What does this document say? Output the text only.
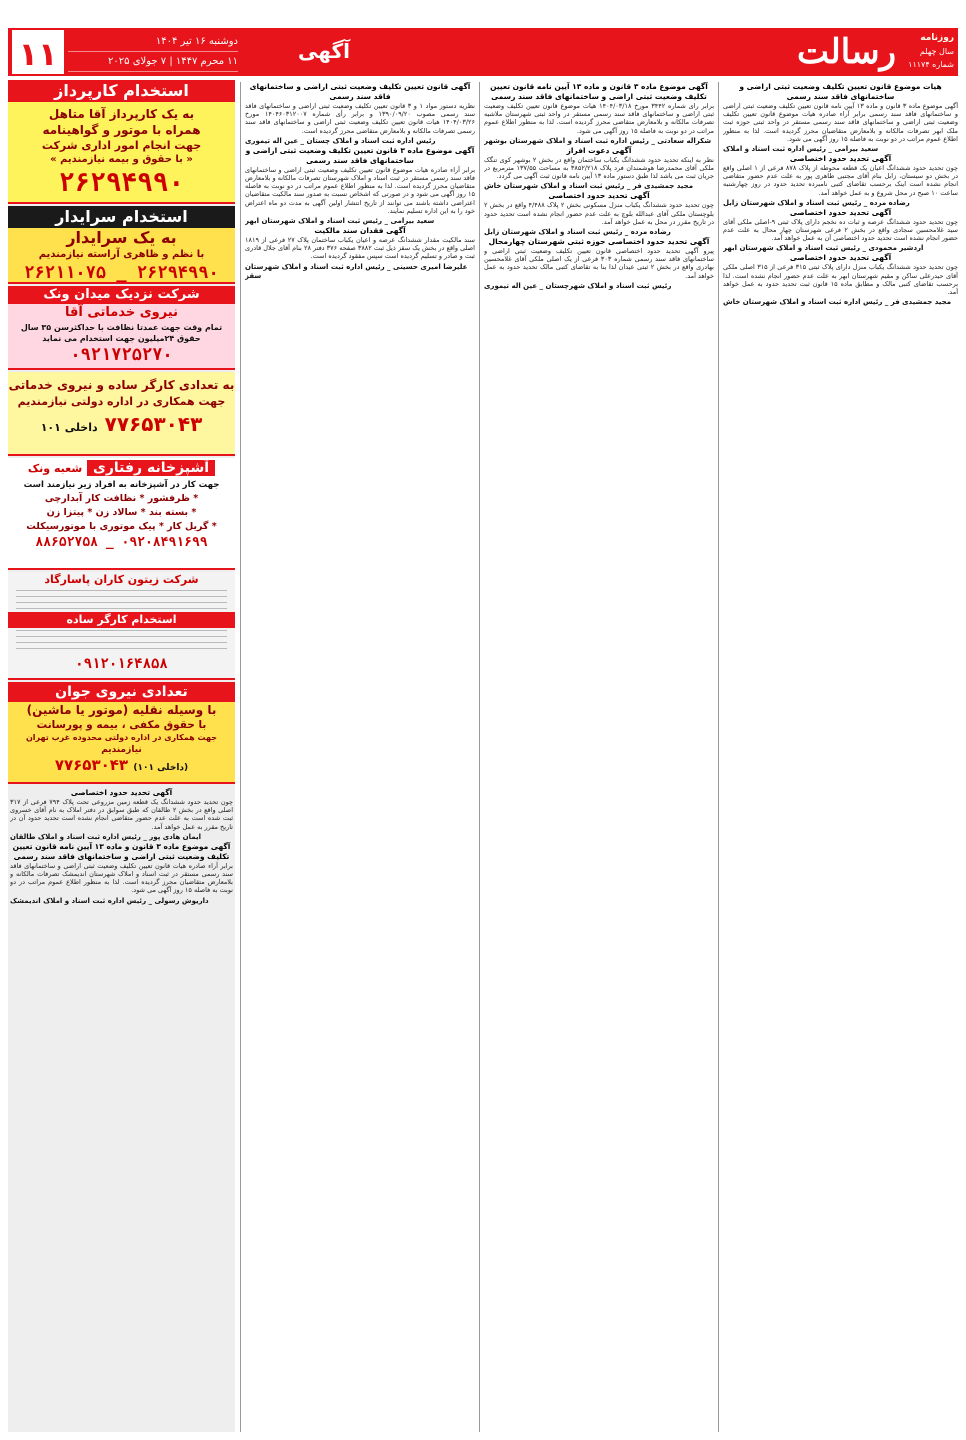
۱۱	دوشنبه ۱۶ تیر ۱۴۰۴
۱۱ محرم ۱۴۴۷ | ۷ جولای ۲۰۲۵	آگهی	رسالت	روزنامه
سال چهلم
شماره ۱۱۱۷۴
استخدام کارپرداز
به یک کارپرداز آقا متاهل
همراه با موتور و گواهینامه
جهت انجام امور اداری شرکت
« با حقوق و بیمه نیازمندیم »
۲۶۲۹۴۹۹۰
استخدام سرایدار
به یک سرایدار
با نظم و ظاهری آراسته نیازمندیم
۲۶۲۹۴۹۹۰ _ ۲۶۲۱۱۰۷۵
شرکت نزدیک میدان ونک
نیروی خدماتی آقا
تمام وقت جهت عمدتا نظافت با حداکثرسن ۳۵ سال
حقوق ۲۴میلیون جهت استخدام می نماید
۰۹۲۱۷۲۵۲۷۰
به تعدادی کارگر ساده و نیروی خدماتی
جهت همکاری در اداره دولتی نیازمندیم
۷۷۶۵۳۰۴۳ داخلی ۱۰۱
آشپزخانه رفتاری شعبه ونک
جهت کار در آشپزخانه به افراد زیر نیازمند است
* ظرفشور * نظافت کار آبدارچی
* بسته بند * سالاد زن * پیتزا زن
* گریل کار * پیک موتوری با موتورسیکلت
۰۹۲۰۸۴۹۱۶۹۹ _ ۸۸۶۵۲۷۵۸
شرکت زیتون کاران پاسارگاد
استخدام کارگر ساده
۰۹۱۲۰۱۶۴۸۵۸
تعدادی نیروی جوان
با وسیله نقلیه (موتور یا ماشین)
با حقوق مکفی ، بیمه و پورسانت
جهت همکاری در اداره دولتی محدوده غرب تهران
نیازمندیم
(داخلی ۱۰۱) ۷۷۶۵۳۰۴۳
آگهی تحدید حدود اختصاصی

چون تحدید حدود ششدانگ یک قطعه زمین مزروعی تحت پلاک ۷۹۴ فرعی از ۳۱۷ اصلی واقع در بخش ۲ طالقان که طبق سوابق در دفتر املاک به نام آقای خسروی ثبت شده است به علت عدم حضور متقاضی انجام نشده است تحدید حدود آن در تاریخ مقرر به عمل خواهد آمد.

ایمان هادی پور _ رئیس اداره ثبت اسناد و املاک طالقان
آگهی موضوع ماده ۳ قانون و ماده ۱۳ آیین نامه قانون تعیین تکلیف وضعیت ثبتی اراضی و ساختمانهای فاقد سند رسمی

برابر آراء صادره هیات قانون تعیین تکلیف وضعیت ثبتی اراضی و ساختمانهای فاقد سند رسمی مستقر در ثبت اسناد و املاک شهرستان اندیمشک تصرفات مالکانه و بلامعارض متقاضیان محرز گردیده است. لذا به منظور اطلاع عموم مراتب در دو نوبت به فاصله ۱۵ روز آگهی می شود.

داریوش رسولی _ رئیس اداره ثبت اسناد و املاک اندیمشک
آگهی قانون تعیین تکلیف وضعیت ثبتی اراضی و ساختمانهای فاقد سند رسمی

نظریه دستور مواد ۱ و ۳ قانون تعیین تکلیف وضعیت ثبتی اراضی و ساختمانهای فاقد سند رسمی مصوب ۱۳۹۰/۰۹/۲۰ و برابر رأی شماره ۱۴۰۴۶۰۳۱۲۰۰۷ مورخ ۱۴۰۴/۰۳/۲۶ هیات قانون تعیین تکلیف وضعیت ثبتی اراضی و ساختمانهای فاقد سند رسمی تصرفات مالکانه و بلامعارض متقاضی محرز گردیده است.

رئیس اداره ثبت اسناد و املاک چستان _ عین اله تیموری
آگهی موضوع ماده ۳ قانون تعیین تکلیف وضعیت ثبتی اراضی و ساختمانهای فاقد سند رسمی

برابر آراء صادره هیات موضوع قانون تعیین تکلیف وضعیت ثبتی اراضی و ساختمانهای فاقد سند رسمی مستقر در ثبت اسناد و املاک شهرستان تصرفات مالکانه و بلامعارض متقاضیان محرز گردیده است. لذا به منظور اطلاع عموم مراتب در دو نوبت به فاصله ۱۵ روز آگهی می شود و در صورتی که اشخاص نسبت به صدور سند مالکیت متقاضیان اعتراضی داشته باشند می توانند از تاریخ انتشار اولین آگهی به مدت دو ماه اعتراض خود را به این اداره تسلیم نمایند.

سعید بیرامی _ رئیس ثبت اسناد و املاک شهرستان ابهر
آگهی فقدان سند مالکیت

سند مالکیت مقدار ششدانگ عرصه و اعیان یکباب ساختمان پلاک ۲۷ فرعی از ۱۸۱۹ اصلی واقع در بخش یک سقز ذیل ثبت ۳۸۸۲ صفحه ۳۷۶ دفتر ۲۸ بنام آقای جلال قادری ثبت و صادر و تسلیم گردیده است سپس مفقود گردیده است.

علیرضا امیری حسینی _ رئیس اداره ثبت اسناد و املاک شهرستان سقز
آگهی موضوع ماده ۳ قانون و ماده ۱۳ آیین نامه قانون تعیین تکلیف وضعیت ثبتی اراضی و ساختمانهای فاقد سند رسمی

برابر رای شماره ۳۴۴۲ مورخ ۱۴۰۴/۰۳/۱۸ هیات موضوع قانون تعیین تکلیف وضعیت ثبتی اراضی و ساختمانهای فاقد سند رسمی مستقر در واحد ثبتی شهرستان ملاشیه تصرفات مالکانه و بلامعارض متقاضی محرز گردیده است. لذا به منظور اطلاع عموم مراتب در دو نوبت به فاصله ۱۵ روز آگهی می شود.

شکراله سعادتی _ رئیس اداره ثبت اسناد و املاک شهرستان بوشهر
آگهی دعوت افراز

نظر به اینکه تحدید حدود ششدانگ یکباب ساختمان واقع در بخش ۲ بوشهر کوی تنگک ملکی آقای محمدرضا هوشمندان فرد پلاک ۳۸۵۲/۲۱۸ به مساحت ۱۳۷/۵۵ مترمربع در جریان ثبت می باشد لذا طبق دستور ماده ۱۳ آیین نامه قانون ثبت آگهی می گردد.

مجید جمشیدی فر _ رئیس ثبت اسناد و املاک شهرستان خاش
آگهی تحدید حدود اختصاصی

چون تحدید حدود ششدانگ یکباب منزل مسکونی بخش ۲ پلاک ۴/۴۸۸ واقع در بخش ۲ بلوچستان ملکی آقای عبدالله بلوچ به علت عدم حضور انجام نشده است تحدید حدود در تاریخ مقرر در محل به عمل خواهد آمد.

رضاده مرده _ رئیس ثبت اسناد و املاک شهرستان زابل
آگهی تحدید حدود اختصاصی حوزه ثبتی شهرستان چهارمحال

پیرو آگهی تحدید حدود اختصاصی قانون تعیین تکلیف وضعیت ثبتی اراضی و ساختمانهای فاقد سند رسمی شماره ۳۰۳ فرعی از یک اصلی ملکی آقای غلامحسین بهادری واقع در بخش ۲ ثبتی عیدان لذا بنا به تقاضای کتبی مالک تحدید حدود به عمل خواهد آمد.

رئیس ثبت اسناد و املاک شهرچستان _ عین اله تیموری
هیات موضوع قانون تعیین تکلیف وضعیت ثبتی اراضی و ساختمانهای فاقد سند رسمی

آگهی موضوع ماده ۳ قانون و ماده ۱۳ آیین نامه قانون تعیین تکلیف وضعیت ثبتی اراضی و ساختمانهای فاقد سند رسمی برابر آراء صادره هیات موضوع قانون تعیین تکلیف وضعیت ثبتی اراضی و ساختمانهای فاقد سند رسمی مستقر در واحد ثبتی حوزه ثبت ملک ابهر تصرفات مالکانه و بلامعارض متقاضیان محرز گردیده است. لذا به منظور اطلاع عموم مراتب در دو نوبت به فاصله ۱۵ روز آگهی می شود.

سعید بیرامی _ رئیس اداره ثبت اسناد و املاک
آگهی تحدید حدود اختصاصی

چون تحدید حدود ششدانگ اعیان یک قطعه محوطه از پلاک ۸۷۸ فرعی از ۱ اصلی واقع در بخش دو سیستان، زابل بنام آقای مجتبی طاهری پور به علت عدم حضور متقاضی انجام نشده است اینک برحسب تقاضای کتبی نامبرده تحدید حدود در روز چهارشنبه ساعت ۱۰ صبح در محل شروع و به عمل خواهد آمد.

رضاده مرده _ رئیس ثبت اسناد و املاک شهرستان زابل
آگهی تحدید حدود اختصاصی

چون تحدید حدود ششدانگ عرصه و ثبات ده نخجم دارای پلاک ثبتی ۹-اصلی ملکی آقای سید غلامحسین سجادی واقع در بخش ۲ فرعی شهرستان چهار محال به علت عدم حضور انجام نشده است تحدید حدود اختصاصی آن به عمل خواهد آمد.

اردشیر محمودی _ رئیس ثبت اسناد و املاک شهرستان ابهر
آگهی تحدید حدود اختصاصی

چون تحدید حدود ششدانگ یکباب منزل دارای پلاک ثبتی ۳۱۵ فرعی از ۳۱۵ اصلی ملکی آقای حیدرعلی ساکن و مقیم شهرستان ابهر به علت عدم حضور انجام نشده است. لذا برحسب تقاضای کتبی مالک و مطابق ماده ۱۵ قانون ثبت تحدید حدود به عمل خواهد آمد.

مجید جمشیدی فر _ رئیس اداره ثبت اسناد و املاک شهرستان خاش
